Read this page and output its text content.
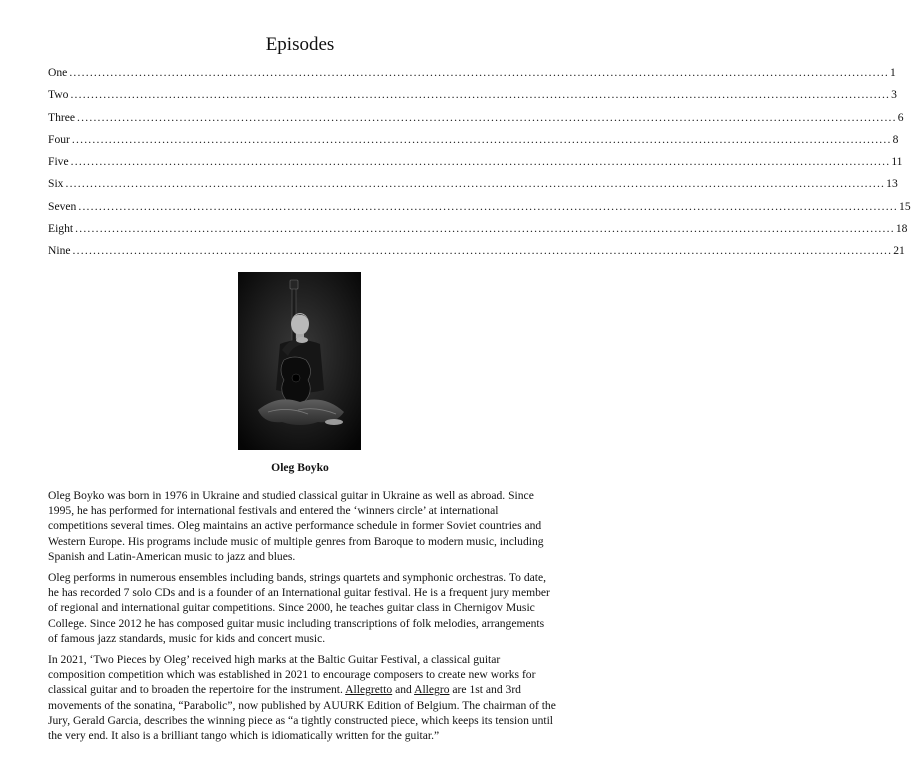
Episodes
One ........................................................................................................................................................................................................ 1
Two ........................................................................................................................................................................................................ 3
Three ........................................................................................................................................................................................................ 6
Four ........................................................................................................................................................................................................ 8
Five ........................................................................................................................................................................................................ 11
Six ........................................................................................................................................................................................................ 13
Seven ........................................................................................................................................................................................................ 15
Eight ........................................................................................................................................................................................................ 18
Nine ........................................................................................................................................................................................................ 21
Oleg Boyko

Oleg Boyko was born in 1976 in Ukraine and studied classical guitar in Ukraine as well as abroad. Since 1995, he has performed for international festivals and entered the ‘winners circle’ at international competitions several times. Oleg maintains an active performance schedule in former Soviet countries and Western Europe. His programs include music of multiple genres from Baroque to modern music, including Spanish and Latin-American music to jazz and blues.

Oleg performs in numerous ensembles including bands, strings quartets and symphonic orchestras. To date, he has recorded 7 solo CDs and is a founder of an International guitar festival. He is a frequent jury member of regional and international guitar competitions. Since 2000, he teaches guitar class in Chernigov Music College. Since 2012 he has composed guitar music including transcriptions of folk melodies, arrangements of famous jazz standards, music for kids and concert music.

In 2021, ‘Two Pieces by Oleg’ received high marks at the Baltic Guitar Festival, a classical guitar composition competition which was established in 2021 to encourage composers to create new works for classical guitar and to broaden the repertoire for the instrument. Allegretto and Allegro are 1st and 3rd movements of the sonatina, “Parabolic”, now published by AUURK Edition of Belgium. The chairman of the Jury, Gerald Garcia, describes the winning piece as “a tightly constructed piece, which keeps its tension until the very end. It also is a brilliant tango which is idiomatically written for the guitar.”
